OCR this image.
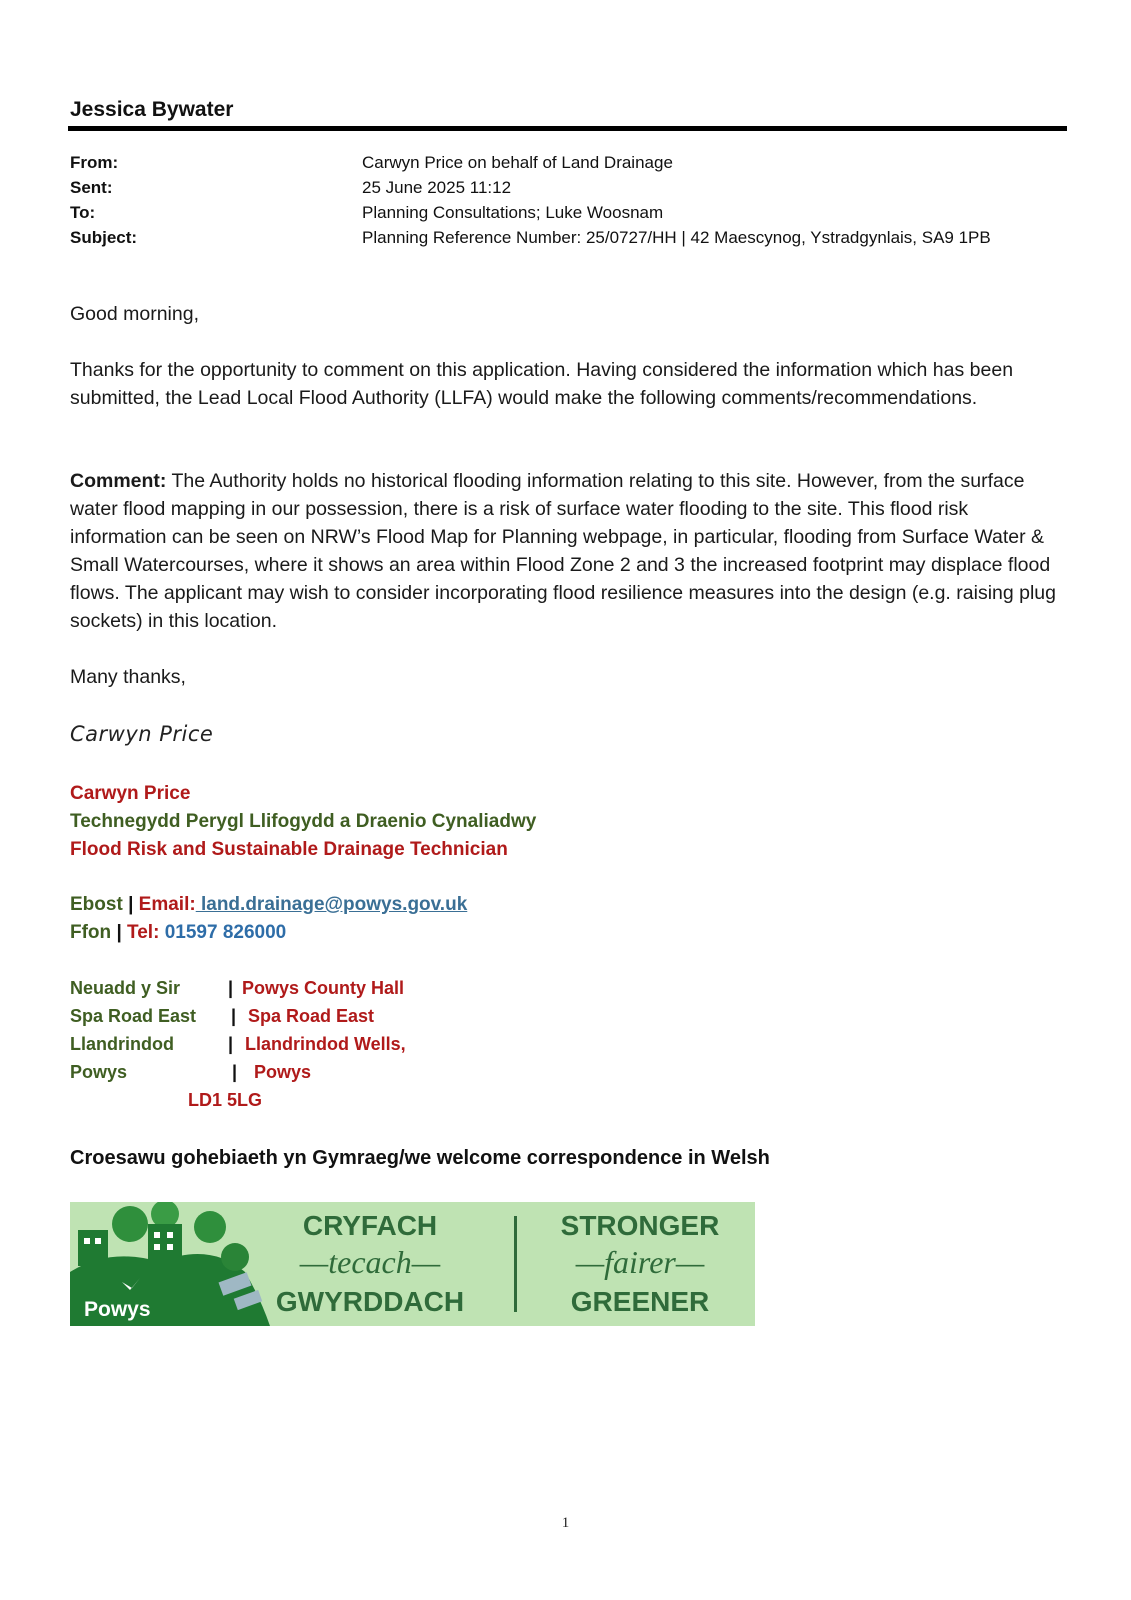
Jessica Bywater
From:	Carwyn Price on behalf of Land Drainage
Sent:	25 June 2025 11:12
To:	Planning Consultations; Luke Woosnam
Subject:	Planning Reference Number: 25/0727/HH | 42 Maescynog, Ystradgynlais, SA9 1PB
Good morning,
Thanks for the opportunity to comment on this application. Having considered the information which has been submitted, the Lead Local Flood Authority (LLFA) would make the following comments/recommendations.
Comment: The Authority holds no historical flooding information relating to this site. However, from the surface water flood mapping in our possession, there is a risk of surface water flooding to the site. This flood risk information can be seen on NRW’s Flood Map for Planning webpage, in particular, flooding from Surface Water & Small Watercourses, where it shows an area within Flood Zone 2 and 3 the increased footprint may displace flood flows. The applicant may wish to consider incorporating flood resilience measures into the design (e.g. raising plug sockets) in this location.
Many thanks,
Carwyn Price
Carwyn Price
Technegydd Perygl Llifogydd a Draenio Cynaliadwy
Flood Risk and Sustainable Drainage Technician
Ebost | Email: land.drainage@powys.gov.uk
Ffon | Tel: 01597 826000
Neuadd y Sir	| Powys County Hall
Spa Road East | Spa Road East
Llandrindod	| Llandrindod Wells,
Powys	| Powys
LD1 5LG
Croesawu gohebiaeth yn Gymraeg/we welcome correspondence in Welsh
Powys
CRYFACH
—tecach—
GWYRDDACH
STRONGER
—fairer—
GREENER
1
